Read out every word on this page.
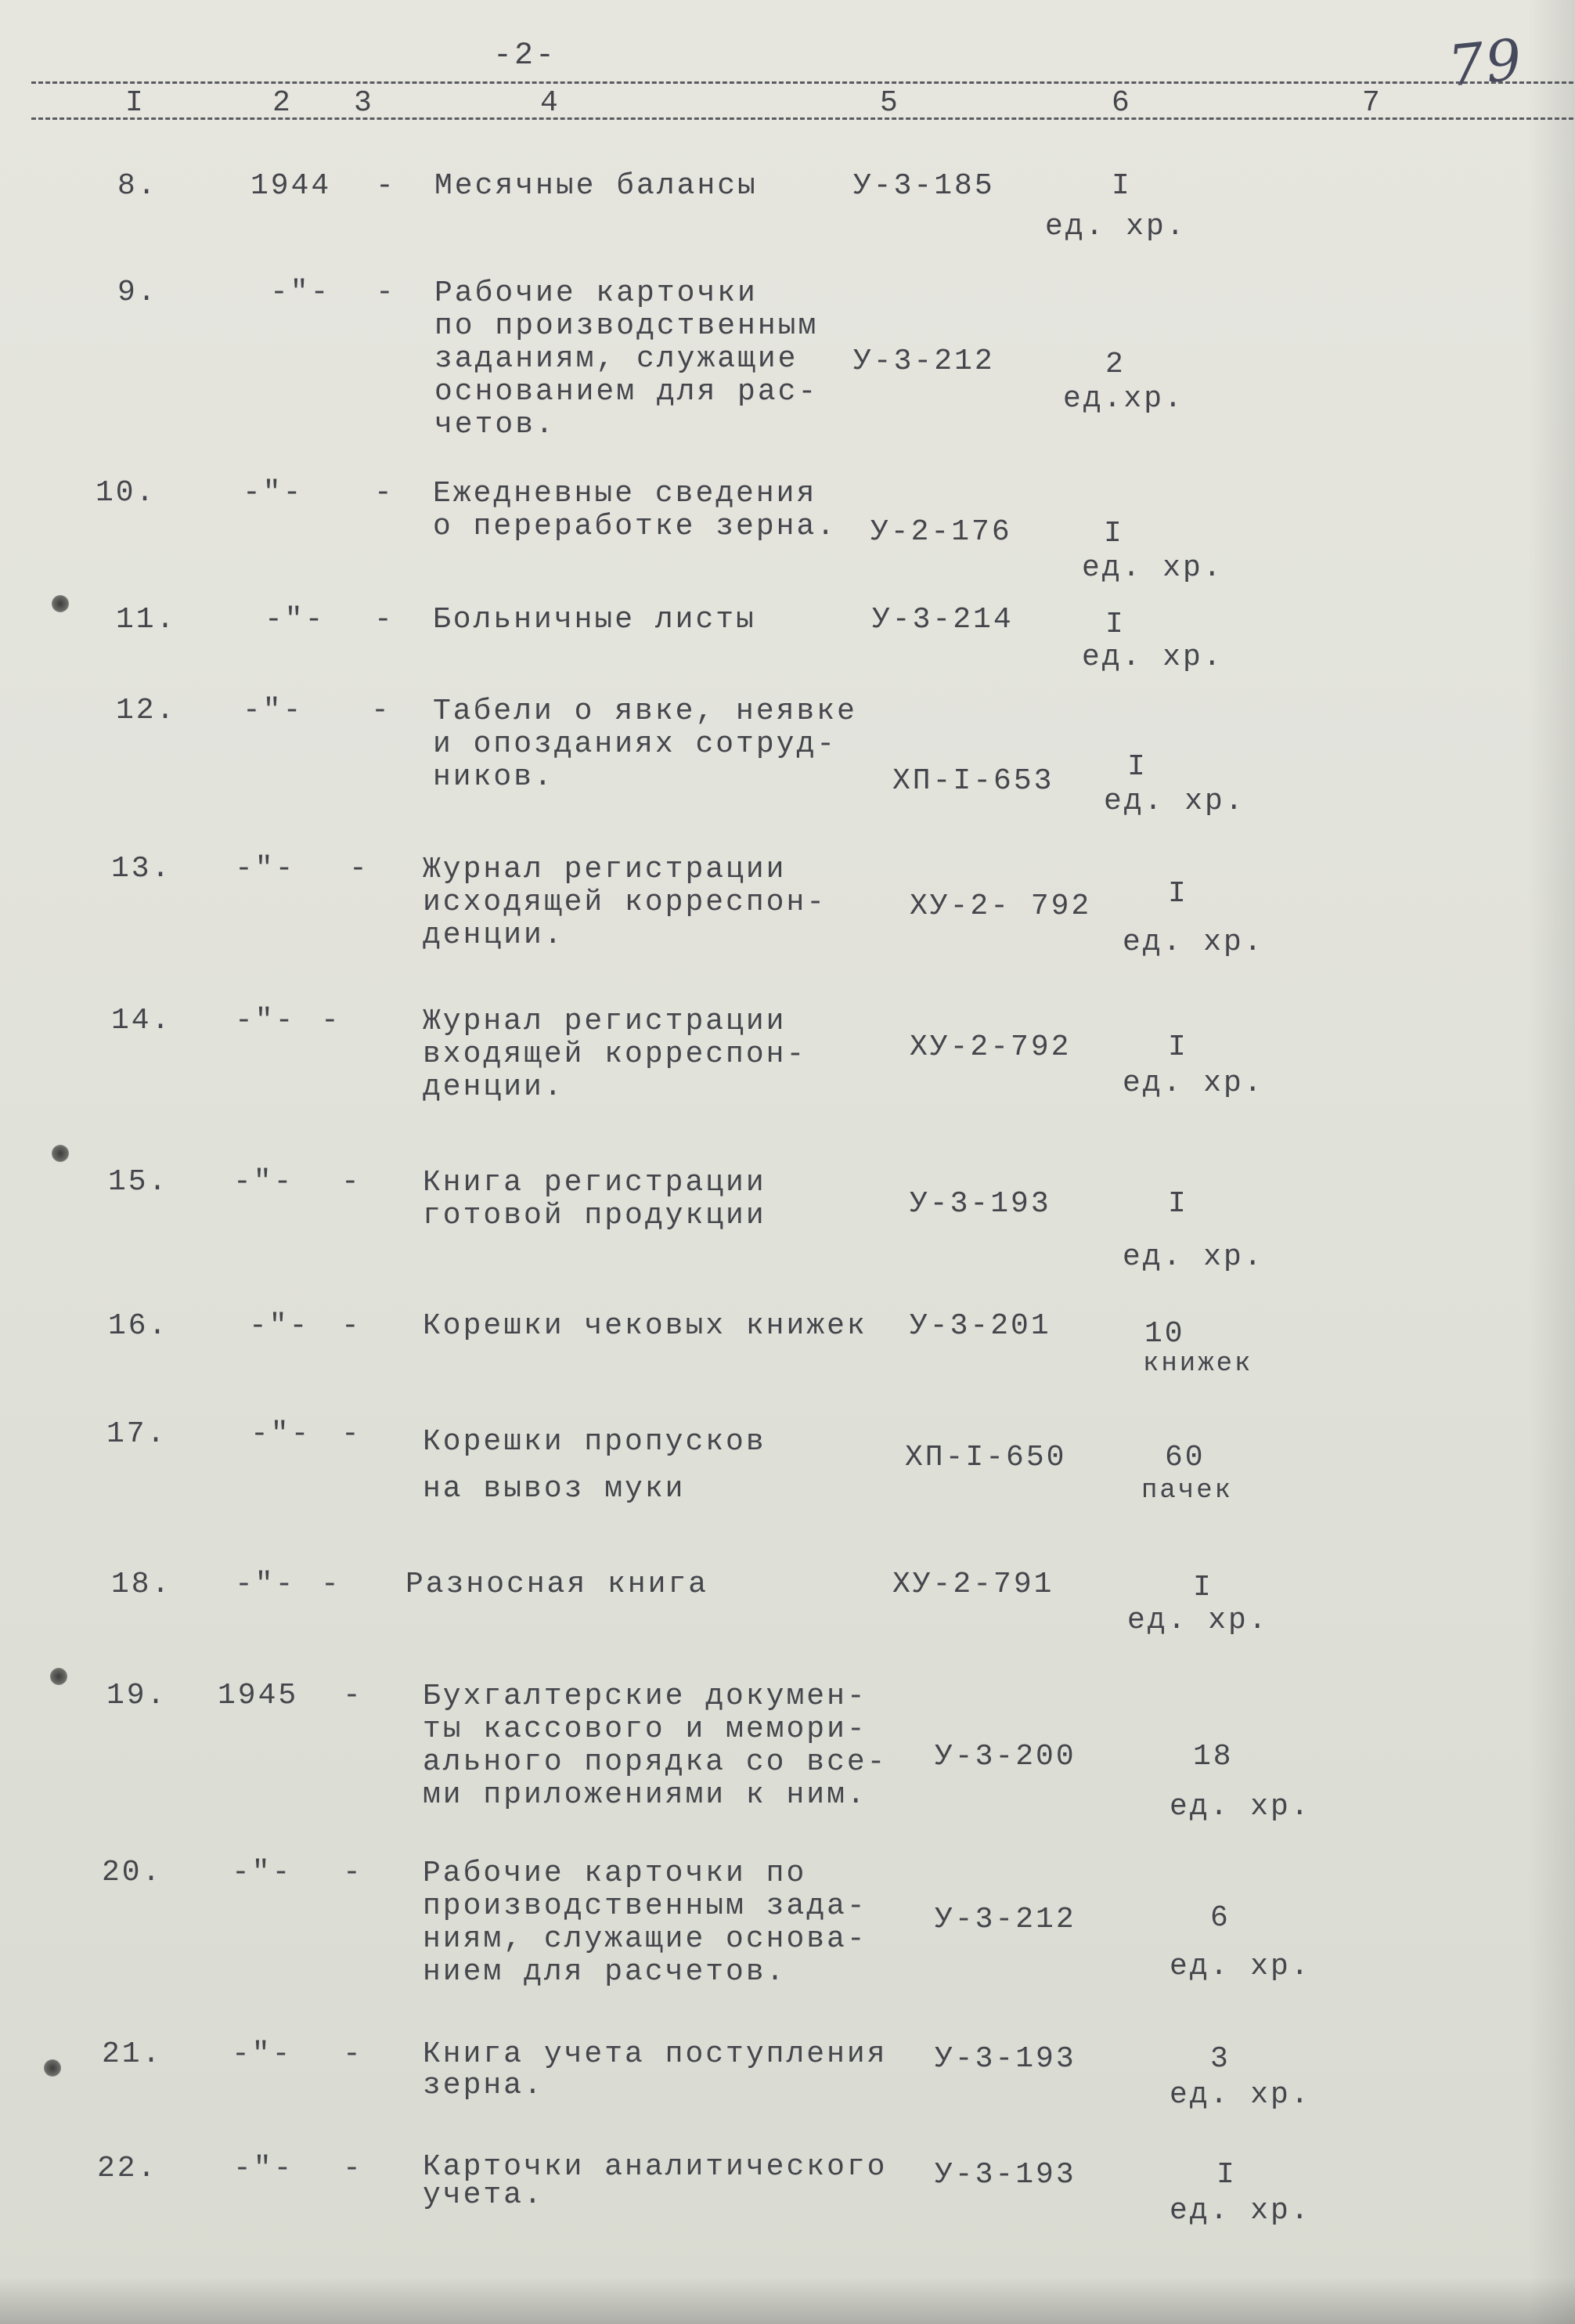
-2-	79
I	2 3	4	5	6	7
8.	1944	-	Месячные балансы	У-3-185	I
ед. хр.
9.	-"- - Рабочие карточки
по производственным
заданиям, служащие
основанием для рас-
четов.
У-3-212	2
ед.хр.
10.	-"- - Ежедневные сведения
о переработке зерна. У-2-176	I
ед. хр.
11.	-"- - Больничные листы	У-3-214	I
ед. хр.
12. -"- - Табели о явке, неявке
и опозданиях сотруд-
ников.	ХП-I-653 I
ед. хр.
13. -"- - Журнал регистрации
исходящей корреспон-
денции.
ХУ-2- 792	I
ед. хр.
14. -"- -	Журнал регистрации
входящей корреспон-
денции.
ХУ-2-792	I
ед. хр.
15. -"- - Книга регистрации
готовой продукции	У-3-193	I
ед. хр.
16.	-"- - Корешки чековых книжек У-3-201	10
книжек
17.	-"- - Корешки пропусков
на вывоз муки
ХП-I-650	60
пачек
18. -"- - Разносная книга	ХУ-2-791	I
ед. хр.
19. 1945 - Бухгалтерские докумен-
ты кассового и мемори-
ального порядка со все-
ми приложениями к ним.
У-3-200	18
ед. хр.
20. -"- - Рабочие карточки по
производственным зада-
ниям, служащие основа-
нием для расчетов.
У-3-212	6
ед. хр.
21. -"- - Книга учета поступления
зерна.
У-3-193	3
ед. хр.
22.	-"- - Карточки аналитического
учета.
У-3-193	I
ед. хр.
